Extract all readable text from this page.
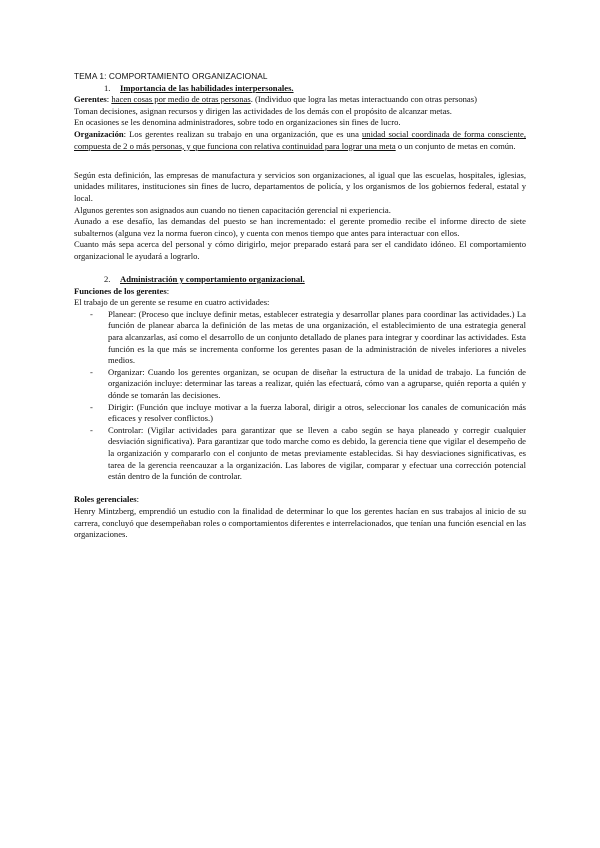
TEMA 1: COMPORTAMIENTO ORGANIZACIONAL

1. Importancia de las habilidades interpersonales.

Gerentes: hacen cosas por medio de otras personas. (Individuo que logra las metas interactuando con otras personas)

Toman decisiones, asignan recursos y dirigen las actividades de los demás con el propósito de alcanzar metas.

En ocasiones se les denomina administradores, sobre todo en organizaciones sin fines de lucro.

Organización: Los gerentes realizan su trabajo en una organización, que es una unidad social coordinada de forma consciente, compuesta de 2 o más personas, y que funciona con relativa continuidad para lograr una meta o un conjunto de metas en común.

Según esta definición, las empresas de manufactura y servicios son organizaciones, al igual que las escuelas, hospitales, iglesias, unidades militares, instituciones sin fines de lucro, departamentos de policía, y los organismos de los gobiernos federal, estatal y local.

Algunos gerentes son asignados aun cuando no tienen capacitación gerencial ni experiencia.

Aunado a ese desafío, las demandas del puesto se han incrementado: el gerente promedio recibe el informe directo de siete subalternos (alguna vez la norma fueron cinco), y cuenta con menos tiempo que antes para interactuar con ellos.

Cuanto más sepa acerca del personal y cómo dirigirlo, mejor preparado estará para ser el candidato idóneo. El comportamiento organizacional le ayudará a lograrlo.

2. Administración y comportamiento organizacional.

Funciones de los gerentes:

El trabajo de un gerente se resume en cuatro actividades:

- Planear: (Proceso que incluye definir metas, establecer estrategia y desarrollar planes para coordinar las actividades.) La función de planear abarca la definición de las metas de una organización, el establecimiento de una estrategia general para alcanzarlas, así como el desarrollo de un conjunto detallado de planes para integrar y coordinar las actividades. Esta función es la que más se incrementa conforme los gerentes pasan de la administración de niveles inferiores a niveles medios.
- Organizar: Cuando los gerentes organizan, se ocupan de diseñar la estructura de la unidad de trabajo. La función de organización incluye: determinar las tareas a realizar, quién las efectuará, cómo van a agruparse, quién reporta a quién y dónde se tomarán las decisiones.
- Dirigir: (Función que incluye motivar a la fuerza laboral, dirigir a otros, seleccionar los canales de comunicación más eficaces y resolver conflictos.)
- Controlar: (Vigilar actividades para garantizar que se lleven a cabo según se haya planeado y corregir cualquier desviación significativa). Para garantizar que todo marche como es debido, la gerencia tiene que vigilar el desempeño de la organización y compararlo con el conjunto de metas previamente establecidas. Si hay desviaciones significativas, es tarea de la gerencia reencauzar a la organización. Las labores de vigilar, comparar y efectuar una corrección potencial están dentro de la función de controlar.

Roles gerenciales:

Henry Mintzberg, emprendió un estudio con la finalidad de determinar lo que los gerentes hacían en sus trabajos al inicio de su carrera, concluyó que desempeñaban roles o comportamientos diferentes e interrelacionados, que tenían una función esencial en las organizaciones.
